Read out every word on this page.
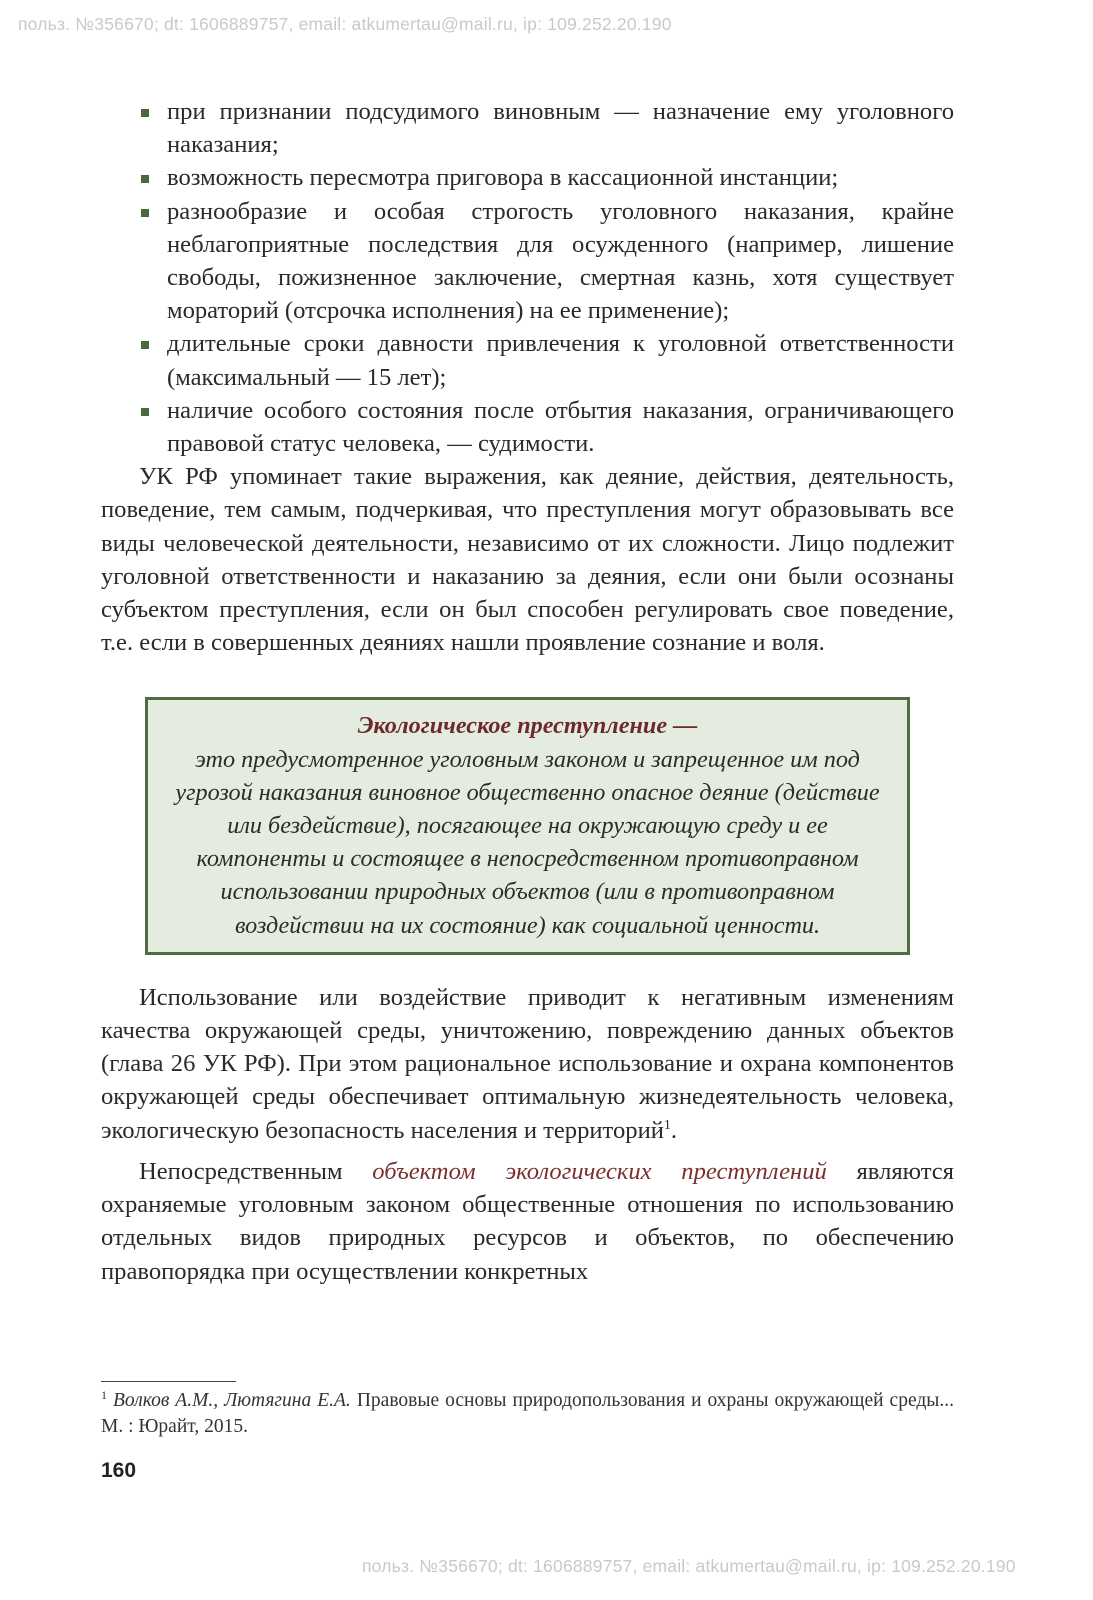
польз. №356670; dt: 1606889757, email: atkumertau@mail.ru, ip: 109.252.20.190
при признании подсудимого виновным — назначение ему уголовного наказания;
возможность пересмотра приговора в кассационной инстанции;
разнообразие и особая строгость уголовного наказания, крайне неблагоприятные последствия для осужденного (например, лишение свободы, пожизненное заключение, смертная казнь, хотя существует мораторий (отсрочка исполнения) на ее применение);
длительные сроки давности привлечения к уголовной ответственности (максимальный — 15 лет);
наличие особого состояния после отбытия наказания, ограничивающего правовой статус человека, — судимости.

УК РФ упоминает такие выражения, как деяние, действия, деятельность, поведение, тем самым, подчеркивая, что преступления могут образовывать все виды человеческой деятельности, независимо от их сложности. Лицо подлежит уголовной ответственности и наказанию за деяния, если они были осознаны субъектом преступления, если он был способен регулировать свое поведение, т.е. если в совершенных деяниях нашли проявление сознание и воля.

Экологическое преступление —
это предусмотренное уголовным законом и запрещенное им под угрозой наказания виновное общественно опасное деяние (действие или бездействие), посягающее на окружающую среду и ее компоненты и состоящее в непосредственном противоправном использовании природных объектов (или в противоправном воздействии на их состояние) как социальной ценности.

Использование или воздействие приводит к негативным изменениям качества окружающей среды, уничтожению, повреждению данных объектов (глава 26 УК РФ). При этом рациональное использование и охрана компонентов окружающей среды обеспечивает оптимальную жизнедеятельность человека, экологическую безопасность населения и территорий$^1$.

Непосредственным объектом экологических преступлений являются охраняемые уголовным законом общественные отношения по использованию отдельных видов природных ресурсов и объектов, по обеспечению правопорядка при осуществлении конкретных

$^1$ Волков А.М., Лютягина Е.А. Правовые основы природопользования и охраны окружающей среды... М. : Юрайт, 2015.
160
польз. №356670; dt: 1606889757, email: atkumertau@mail.ru, ip: 109.252.20.190
